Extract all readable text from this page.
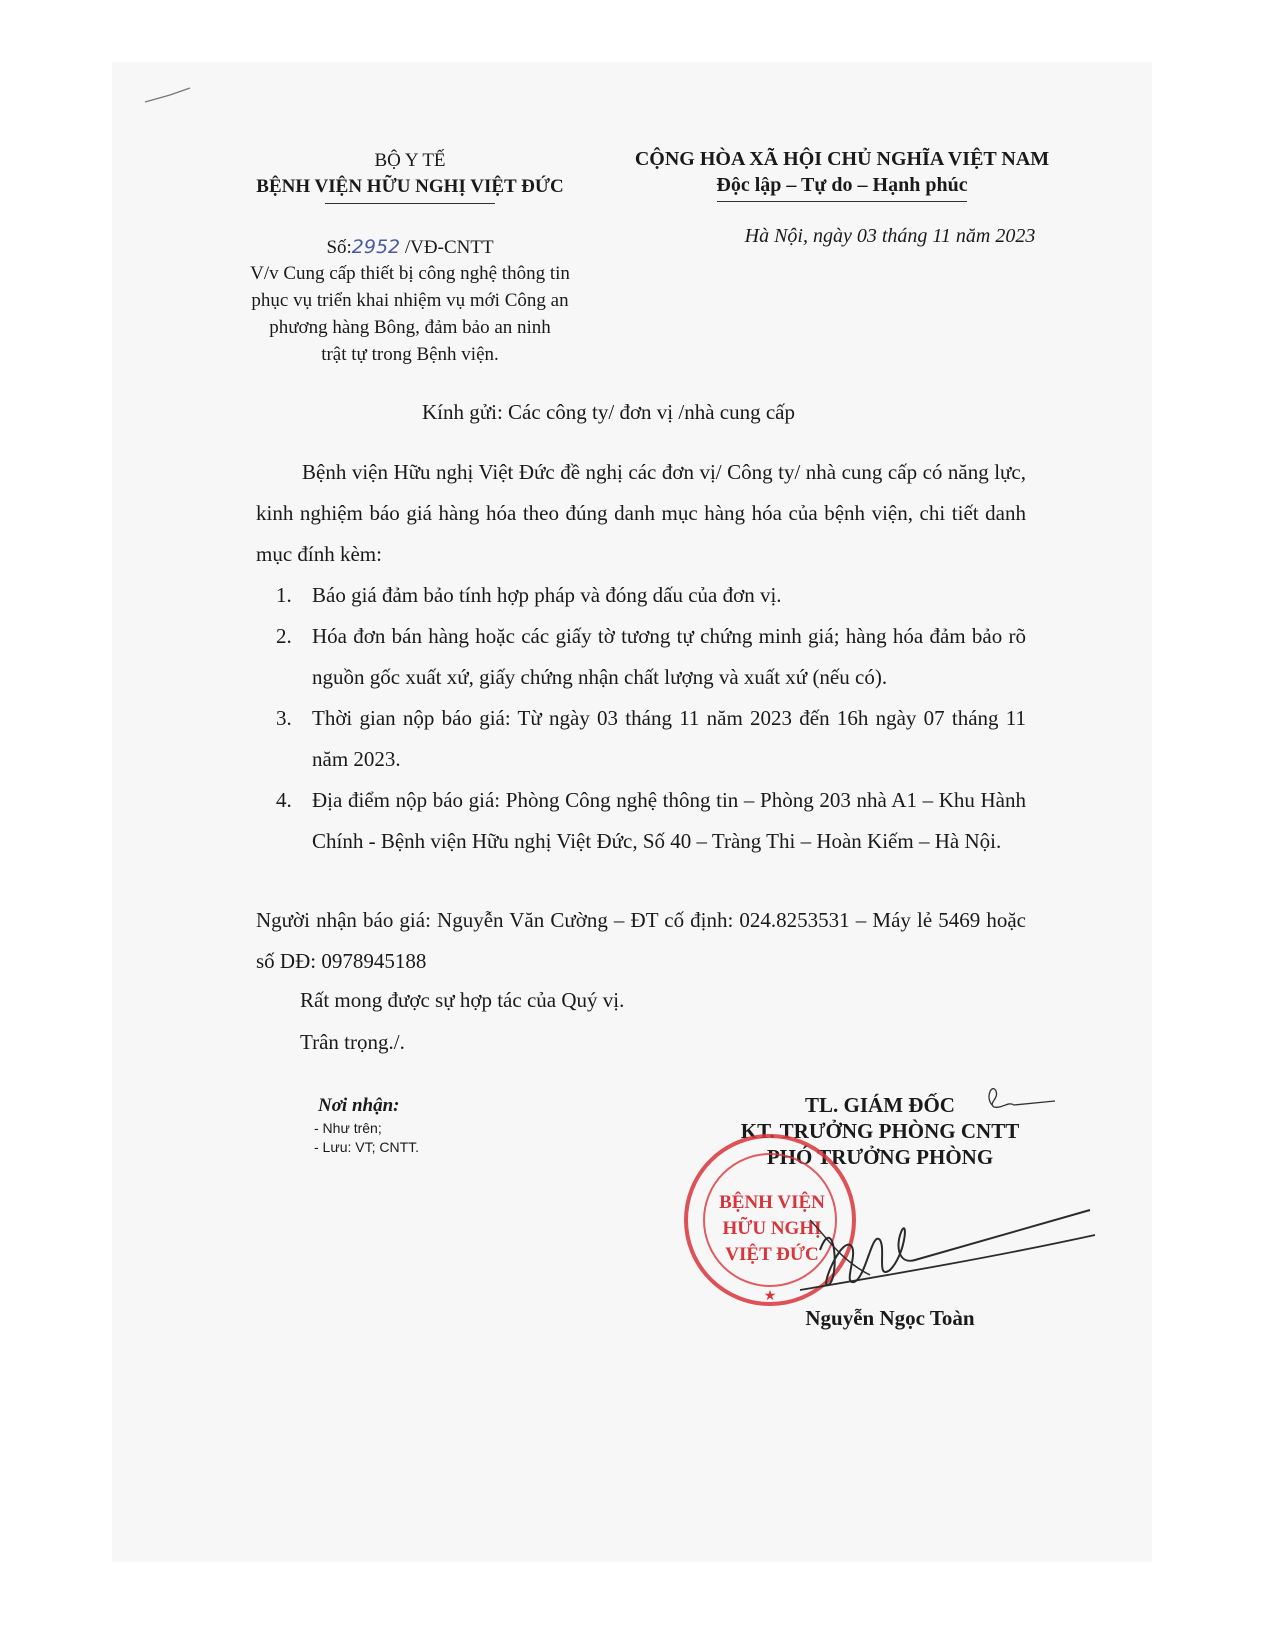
BỘ Y TẾ
BỆNH VIỆN HỮU NGHỊ VIỆT ĐỨC
CỘNG HÒA XÃ HỘI CHỦ NGHĨA VIỆT NAM
Độc lập – Tự do – Hạnh phúc
Hà Nội, ngày 03 tháng 11 năm 2023
Số:2952 /VĐ-CNTT
V/v Cung cấp thiết bị công nghệ thông tin
phục vụ triển khai nhiệm vụ mới Công an
phương hàng Bông, đảm bảo an ninh
trật tự trong Bệnh viện.
Kính gửi: Các công ty/ đơn vị /nhà cung cấp
Bệnh viện Hữu nghị Việt Đức đề nghị các đơn vị/ Công ty/ nhà cung cấp có năng lực, kinh nghiệm báo giá hàng hóa theo đúng danh mục hàng hóa của bệnh viện, chi tiết danh mục đính kèm:
1. Báo giá đảm bảo tính hợp pháp và đóng dấu của đơn vị.
2. Hóa đơn bán hàng hoặc các giấy tờ tương tự chứng minh giá; hàng hóa đảm bảo rõ nguồn gốc xuất xứ, giấy chứng nhận chất lượng và xuất xứ (nếu có).
3. Thời gian nộp báo giá: Từ ngày 03 tháng 11 năm 2023 đến 16h ngày 07 tháng 11 năm 2023.
4. Địa điểm nộp báo giá: Phòng Công nghệ thông tin – Phòng 203 nhà A1 – Khu Hành Chính - Bệnh viện Hữu nghị Việt Đức, Số 40 – Tràng Thi – Hoàn Kiếm – Hà Nội.
Người nhận báo giá: Nguyễn Văn Cường – ĐT cố định: 024.8253531 – Máy lẻ 5469 hoặc số DĐ: 0978945188
Rất mong được sự hợp tác của Quý vị.
Trân trọng./.
Nơi nhận:
- Như trên;
- Lưu: VT; CNTT.
TL. GIÁM ĐỐC
KT. TRƯỞNG PHÒNG CNTT
PHÓ TRƯỞNG PHÒNG
BỆNH VIỆN
HỮU NGHỊ
VIỆT ĐỨC
★
Nguyễn Ngọc Toàn
